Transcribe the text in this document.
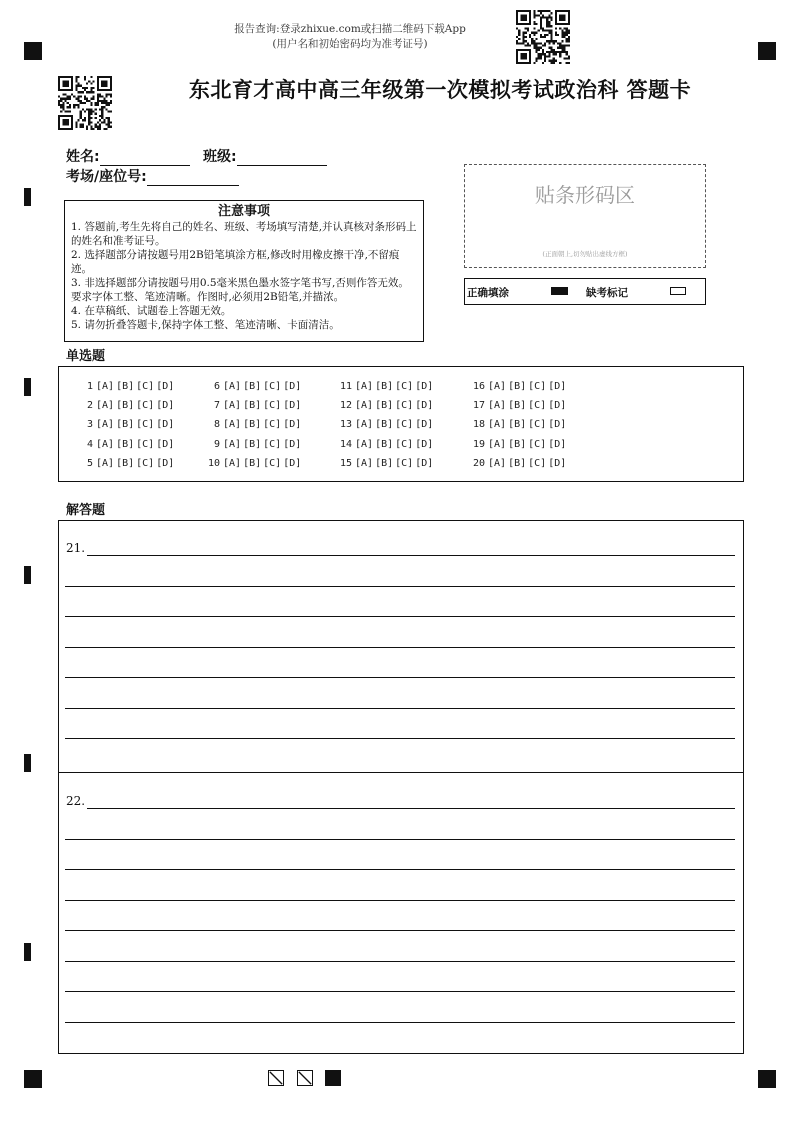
报告查询:登录zhixue.com或扫描二维码下载App
(用户名和初始密码均为准考证号)
东北育才高中高三年级第一次模拟考试政治科 答题卡
姓名:	班级:
考场/座位号:
注意事项

1. 答题前,考生先将自己的姓名、班级、考场填写清楚,并认真核对条形码上的姓名和准考证号。

2. 选择题部分请按题号用2B铅笔填涂方框,修改时用橡皮擦干净,不留痕迹。

3. 非选择题部分请按题号用0.5毫米黑色墨水签字笔书写,否则作答无效。要求字体工整、笔迹清晰。作图时,必须用2B铅笔,并描浓。

4. 在草稿纸、试题卷上答题无效。

5. 请勿折叠答题卡,保持字体工整、笔迹清晰、卡面清洁。

贴条形码区
(正面朝上,切勿贴出虚线方框)
正确填涂	缺考标记
单选题
1 [A] [B] [C] [D]
2 [A] [B] [C] [D]
3 [A] [B] [C] [D]
4 [A] [B] [C] [D]
5 [A] [B] [C] [D]
6 [A] [B] [C] [D]
7 [A] [B] [C] [D]
8 [A] [B] [C] [D]
9 [A] [B] [C] [D]
10 [A] [B] [C] [D]
11 [A] [B] [C] [D]
12 [A] [B] [C] [D]
13 [A] [B] [C] [D]
14 [A] [B] [C] [D]
15 [A] [B] [C] [D]
16 [A] [B] [C] [D]
17 [A] [B] [C] [D]
18 [A] [B] [C] [D]
19 [A] [B] [C] [D]
20 [A] [B] [C] [D]
解答题
21.
22.
